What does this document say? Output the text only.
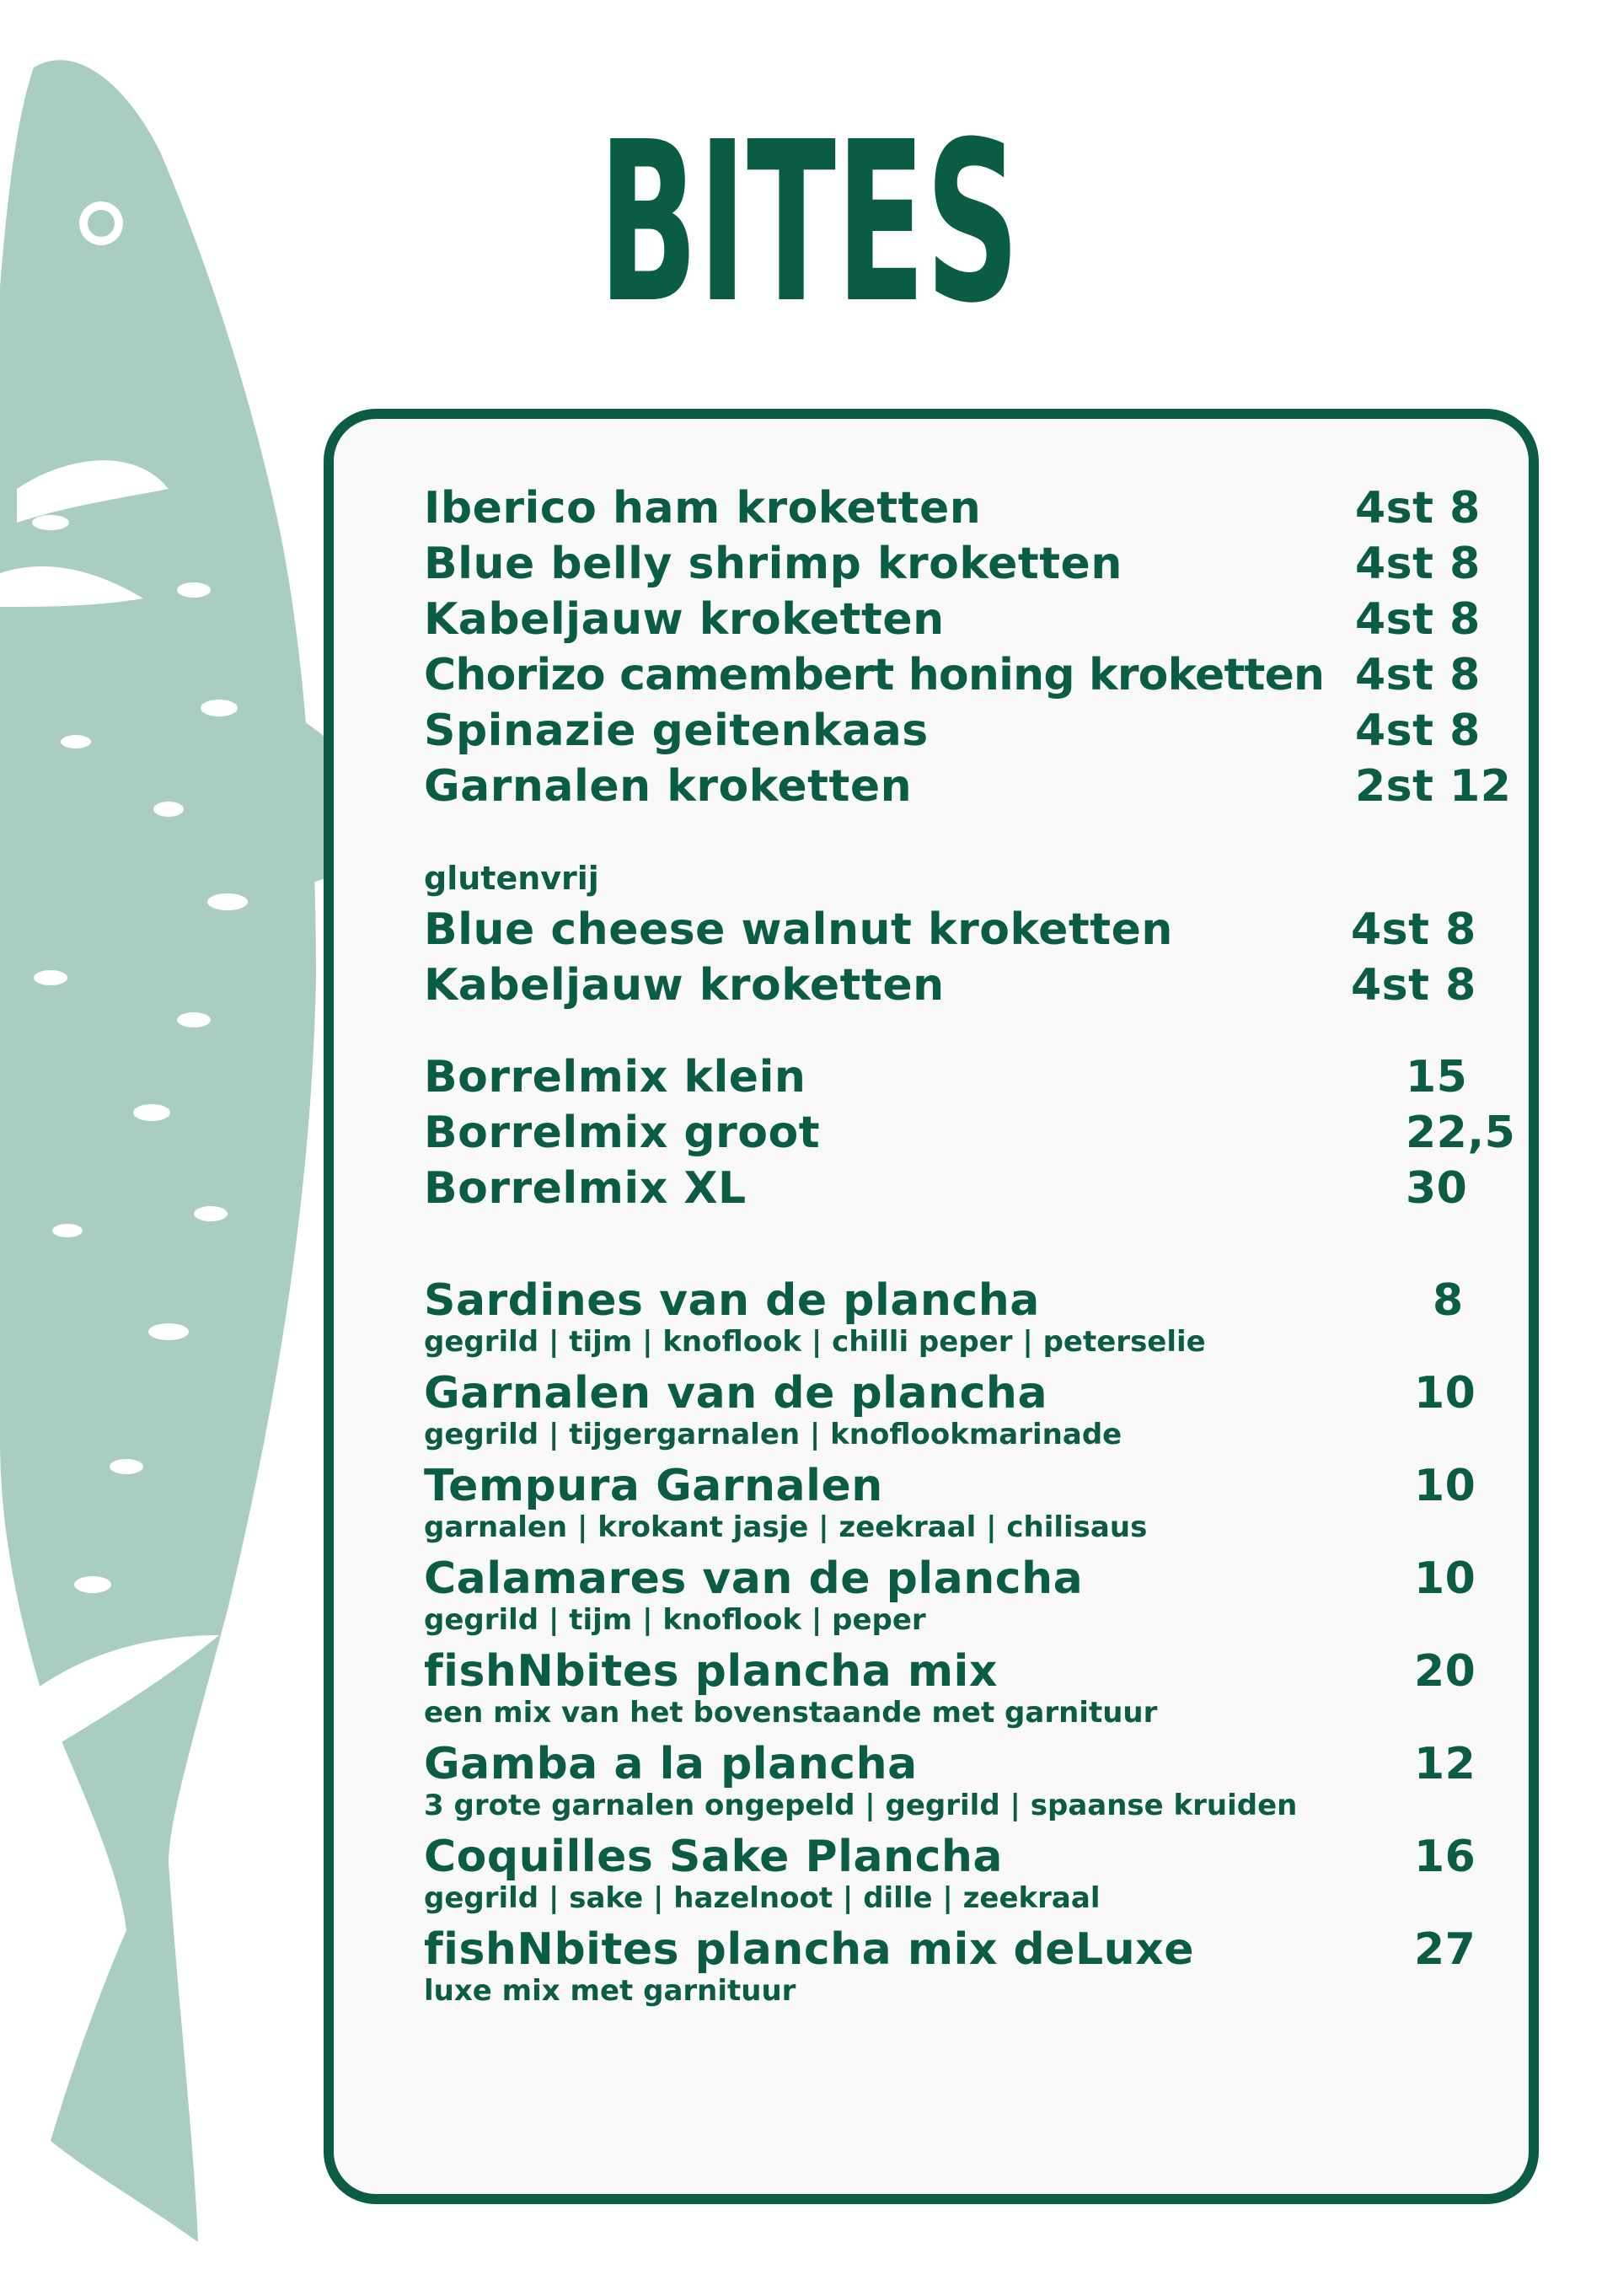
BITES
Iberico ham kroketten	4st 8
Blue belly shrimp kroketten	4st 8
Kabeljauw kroketten	4st 8
Chorizo camembert honing kroketten 4st 8
Spinazie geitenkaas	4st 8
Garnalen kroketten	2st 12
glutenvrij
Blue cheese walnut kroketten	4st 8
Kabeljauw kroketten	4st 8
Borrelmix klein	15
Borrelmix groot	22,5
Borrelmix XL	30
Sardines van de plancha	8
gegrild | tijm | knoflook | chilli peper | peterselie
Garnalen van de plancha	10
gegrild | tijgergarnalen | knoflookmarinade
Tempura Garnalen	10
garnalen | krokant jasje | zeekraal | chilisaus
Calamares van de plancha	10
gegrild | tijm | knoflook | peper
fishNbites plancha mix	20
een mix van het bovenstaande met garnituur
Gamba a la plancha	12
3 grote garnalen ongepeld | gegrild | spaanse kruiden
Coquilles Sake Plancha	16
gegrild | sake | hazelnoot | dille | zeekraal
fishNbites plancha mix deLuxe	27
luxe mix met garnituur
